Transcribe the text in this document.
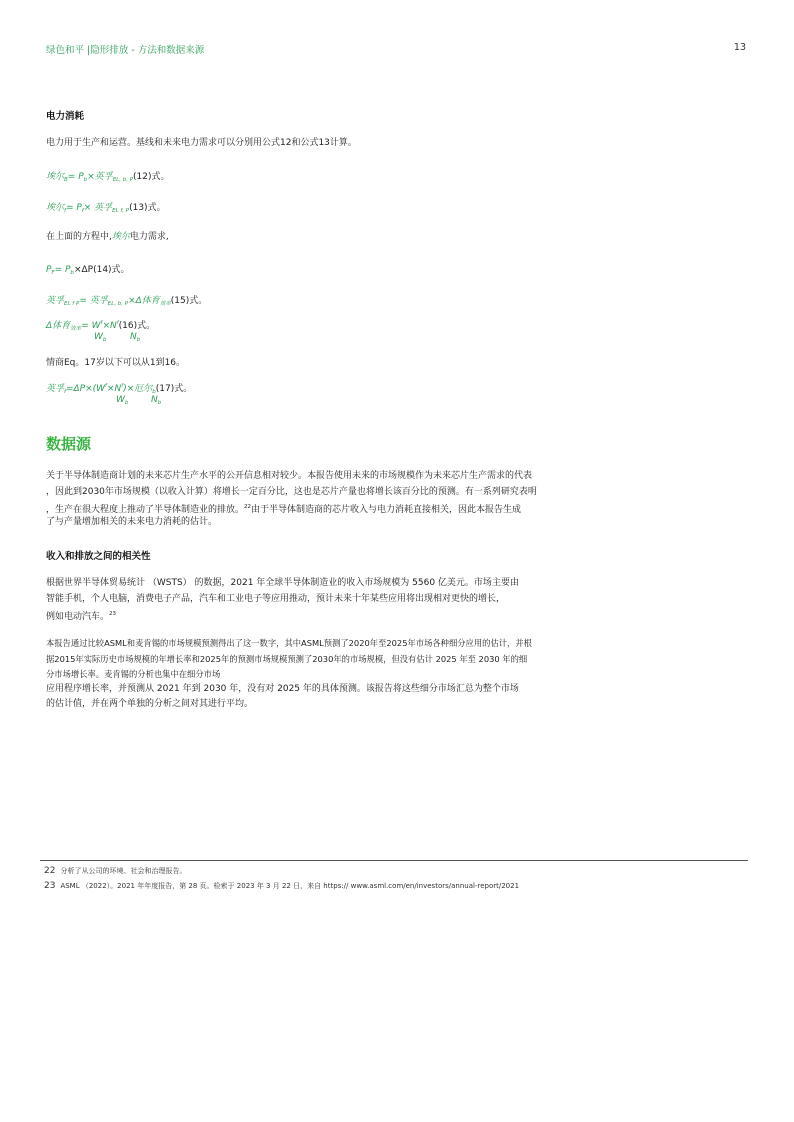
绿色和平 |隐形排放 - 方法和数据来源	13
电力消耗
电力用于生产和运营。基线和未来电力需求可以分别用公式12和公式13计算。
埃尔$_B= P_b\times$英孚$_{EL, b, P}$(12)式。
埃尔$_f= P_f\times$ 英孚$_{EL f, P}$(13)式。
在上面的方程中,埃尔电力需求,
$P_F= P_b\times\Delta P(14)$式。
英孚$_{EL f P}$= 英孚$_{EL, b, P}$×Δ体育$_{效率}$(15)式。
Δ体育$_{效率}= W^f\times N^f(16)$式。
$W_b$	$N_b$
情商Eq。17岁以下可以从1到16。
英孚$_f=\Delta P\times(W^f\times N^f)\times$厄尔$_b$(17)式。
$W_b$	$N_b$
数据源
关于半导体制造商计划的未来芯片生产水平的公开信息相对较少。本报告使用未来的市场规模作为未来芯片生产需求的代表
，因此到2030年市场规模（以收入计算）将增长一定百分比，这也是芯片产量也将增长该百分比的预测。有一系列研究表明
，生产在很大程度上推动了半导体制造业的排放。$^{22}$由于半导体制造商的芯片收入与电力消耗直接相关，因此本报告生成
了与产量增加相关的未来电力消耗的估计。
收入和排放之间的相关性
根据世界半导体贸易统计 （WSTS） 的数据，2021 年全球半导体制造业的收入市场规模为 5560 亿美元。市场主要由
智能手机，个人电脑，消费电子产品，汽车和工业电子等应用推动，预计未来十年某些应用将出现相对更快的增长，
例如电动汽车。$^{23}$
本报告通过比较ASML和麦肯锡的市场规模预测得出了这一数字，其中ASML预测了2020年至2025年市场各种细分应用的估计，并根
据2015年实际历史市场规模的年增长率和2025年的预测市场规模预测了2030年的市场规模，但没有估计 2025 年至 2030 年的细
分市场增长率。麦肯锡的分析也集中在细分市场
应用程序增长率，并预测从 2021 年到 2030 年，没有对 2025 年的具体预测。该报告将这些细分市场汇总为整个市场
的估计值，并在两个单独的分析之间对其进行平均。
22 分析了从公司的环境、社会和治理报告。
23 ASML （2022）。2021 年年度报告，第 28 页。检索于 2023 年 3 月 22 日，来自 https:// www.asml.com/en/investors/annual-report/2021
